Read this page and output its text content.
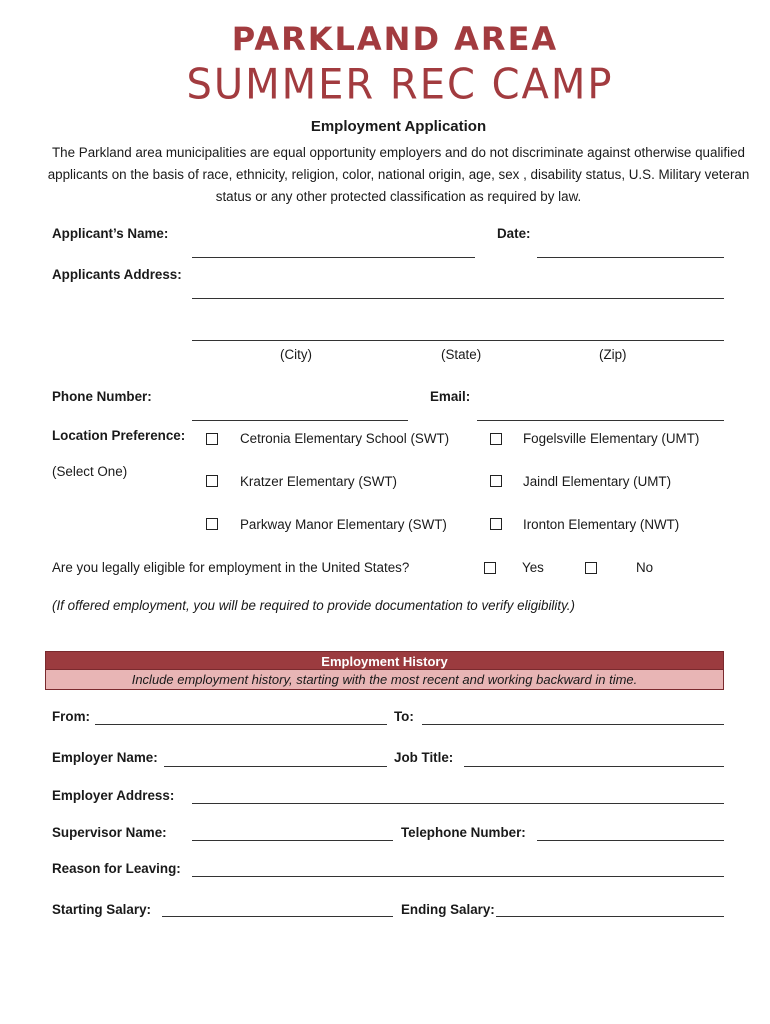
PARKLAND AREA
SUMMER REC CAMP
Employment Application
The Parkland area municipalities are equal opportunity employers and do not discriminate against otherwise qualified applicants on the basis of race, ethnicity, religion, color, national origin, age, sex , disability status, U.S. Military veteran status or any other protected classification as required by law.
Applicant’s Name:	Date:
Applicants Address:
(City)	(State)	(Zip)
Phone Number:	Email:
Location Preference:
(Select One)
Cetronia Elementary School (SWT)	Fogelsville Elementary (UMT)
Kratzer Elementary (SWT)	Jaindl Elementary (UMT)
Parkway Manor Elementary (SWT)	Ironton Elementary (NWT)
Are you legally eligible for employment in the United States?	Yes	No
(If offered employment, you will be required to provide documentation to verify eligibility.)
Employment History
Include employment history, starting with the most recent and working backward in time.
From:	To:
Employer Name:	Job Title:
Employer Address:
Supervisor Name:	Telephone Number:
Reason for Leaving:
Starting Salary:	Ending Salary:
